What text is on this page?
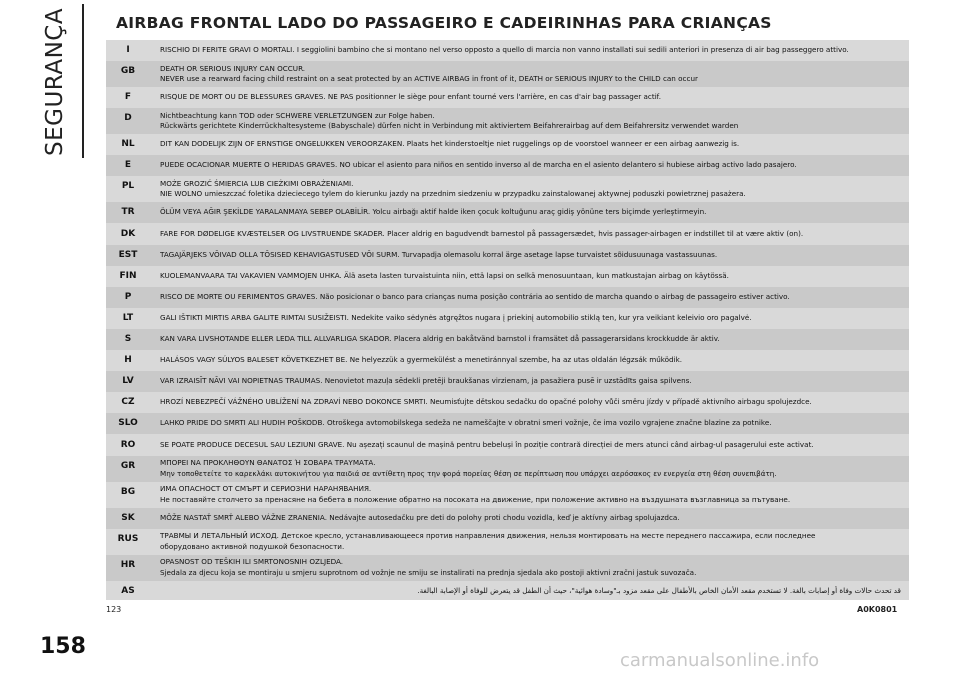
SEGURANÇA	AIRBAG FRONTAL LADO DO PASSAGEIRO E CADEIRINHAS PARA CRIANÇAS
I	RISCHIO DI FERITE GRAVI O MORTALI. I seggiolini bambino che si montano nel verso opposto a quello di marcia non vanno installati sui sedili anteriori in presenza di air bag passeggero attivo.
GB	DEATH OR SERIOUS INJURY CAN OCCUR.
NEVER use a rearward facing child restraint on a seat protected by an ACTIVE AIRBAG in front of it, DEATH or SERIOUS INJURY to the CHILD can occur
F	RISQUE DE MORT OU DE BLESSURES GRAVES. NE PAS positionner le siège pour enfant tourné vers l'arrière, en cas d'air bag passager actif.
D	Nichtbeachtung kann TOD oder SCHWERE VERLETZUNGEN zur Folge haben.
Rückwärts gerichtete Kinderrückhaltesysteme (Babyschale) dürfen nicht in Verbindung mit aktiviertem Beifahrerairbag auf dem Beifahrersitz verwendet warden
NL	DIT KAN DODELIJK ZIJN OF ERNSTIGE ONGELUKKEN VEROORZAKEN. Plaats het kinderstoeltje niet ruggelings op de voorstoel wanneer er een airbag aanwezig is.
E	PUEDE OCACIONAR MUERTE O HERIDAS GRAVES. NO ubicar el asiento para niños en sentido inverso al de marcha en el asiento delantero si hubiese airbag activo lado pasajero.
PL	MOŻE GROZIĆ ŚMIERCIA LUB CIEŻKIMI OBRAŻENIAMI.
NIE WOLNO umieszczać foletika dzieciecego tylem do kierunku jazdy na przednim siedzeniu w przypadku zainstalowanej aktywnej poduszki powietrznej pasażera.
TR	ÖLÜM VEYA AĞIR ŞEKİLDE YARALANMAYA SEBEP OLABİLİR. Yolcu airbağı aktif halde iken çocuk koltuğunu araç gidiş yönüne ters biçimde yerleştirmeyin.
DK	FARE FOR DØDELIGE KVÆSTELSER OG LIVSTRUENDE SKADER. Placer aldrig en bagudvendt barnestol på passagersædet, hvis passager-airbagen er indstillet til at være aktiv (on).
EST	TAGAJÄRJEKS VÕIVAD OLLA TÕSISED KEHAVIGASTUSED VÕI SURM. Turvapadja olemasolu korral ärge asetage lapse turvaistet sõidusuunaga vastassuunas.
FIN	KUOLEMANVAARA TAI VAKAVIEN VAMMOJEN UHKA. Älä aseta lasten turvaistuinta niin, että lapsi on selkä menosuuntaan, kun matkustajan airbag on käytössä.
P	RISCO DE MORTE OU FERIMENTOS GRAVES. Não posicionar o banco para crianças numa posição contrária ao sentido de marcha quando o airbag de passageiro estiver activo.
LT	GALI IŠTIKTI MIRTIS ARBA GALITE RIMTAI SUSIŽEISTI. Nedekite vaiko sėdynės atgręžtos nugara į priekinį automobilio stiklą ten, kur yra veikiant keleivio oro pagalvė.
S	KAN VARA LIVSHOTANDE ELLER LEDA TILL ALLVARLIGA SKADOR. Placera aldrig en bakåtvänd barnstol i framsätet då passagerarsidans krockkudde är aktiv.
H	HALÁSOS VAGY SÚLYOS BALESET KÖVETKEZHET BE. Ne helyezzük a gyermekülést a menetiránnyal szembe, ha az utas oldalán légzsák működik.
LV	VAR IZRAISĪT NĀVI VAI NOPIETNAS TRAUMAS. Nenovietot mazuļa sēdekli pretēji braukšanas virzienam, ja pasažiera pusē ir uzstādīts gaisa spilvens.
CZ	HROZÍ NEBEZPEČÍ VÁŽNÉHO UBLÍŽENÍ NA ZDRAVÍ NEBO DOKONCE SMRTI. Neumisťujte dětskou sedačku do opačné polohy vůči směru jízdy v případě aktivního airbagu spolujezdce.
SLO	LAHKO PRIDE DO SMRTI ALI HUDIH POŠKODB. Otroškega avtomobilskega sedeža ne nameščajte v obratni smeri vožnje, če ima vozilo vgrajene značne blazine za potnike.
RO	SE POATE PRODUCE DECESUL SAU LEZIUNI GRAVE. Nu așezați scaunul de mașină pentru bebeluși în poziție contrară direcției de mers atunci când airbag-ul pasagerului este activat.
GR	ΜΠΟΡΕΙ ΝΑ ΠΡΟΚΛΗΘΟΥΝ ΘΑΝΑΤΟΣ Ή ΣΟΒΑΡΑ ΤΡΑΥΜΑΤΑ.
Μην τοποθετείτε το καρεκλάκι αυτοκινήτου για παιδιά σε αντίθετη προς την φορά πορείας θέση σε περίπτωση που υπάρχει αερόσακος εν ενεργεία στη θέση συνεπιβάτη.
BG	ИМА ОПАСНОСТ ОТ СМЪРТ И СЕРИОЗНИ НАРАНЯВАНИЯ.
Не поставяйте столчето за пренасяне на бебета в положение обратно на посоката на движение, при положение активно на въздушната възглавница за пътуване.
SK	MÔŽE NASTAŤ SMRŤ ALEBO VÁŽNE ZRANENIA. Nedávajte autosedačku pre deti do polohy proti chodu vozidla, keď je aktívny airbag spolujazdca.
RUS	ТРАВМЫ И ЛЕТАЛЬНЫЙ ИСХОД. Детское кресло, устанавливающееся против направления движения, нельзя монтировать на месте переднего пассажира, если последнее
оборудовано активной подушкой безопасности.
HR	OPASNOST OD TEŠKIH ILI SMRTONOSNIH OZLJEDA.
Sjedala za djecu koja se montiraju u smjeru suprotnom od vožnje ne smiju se instalirati na prednja sjedala ako postoji aktivni zračni jastuk suvozača.
AS	قد تحدث حالات وفاة أو إصابات بالغة. لا تستخدم مقعد الأمان الخاص بالأطفال على مقعد مزود بـ"وسادة هوائية"، حيث أن الطفل قد يتعرض للوفاة أو الإصابة البالغة.
123	A0K0801
158
carmanualsonline.info
